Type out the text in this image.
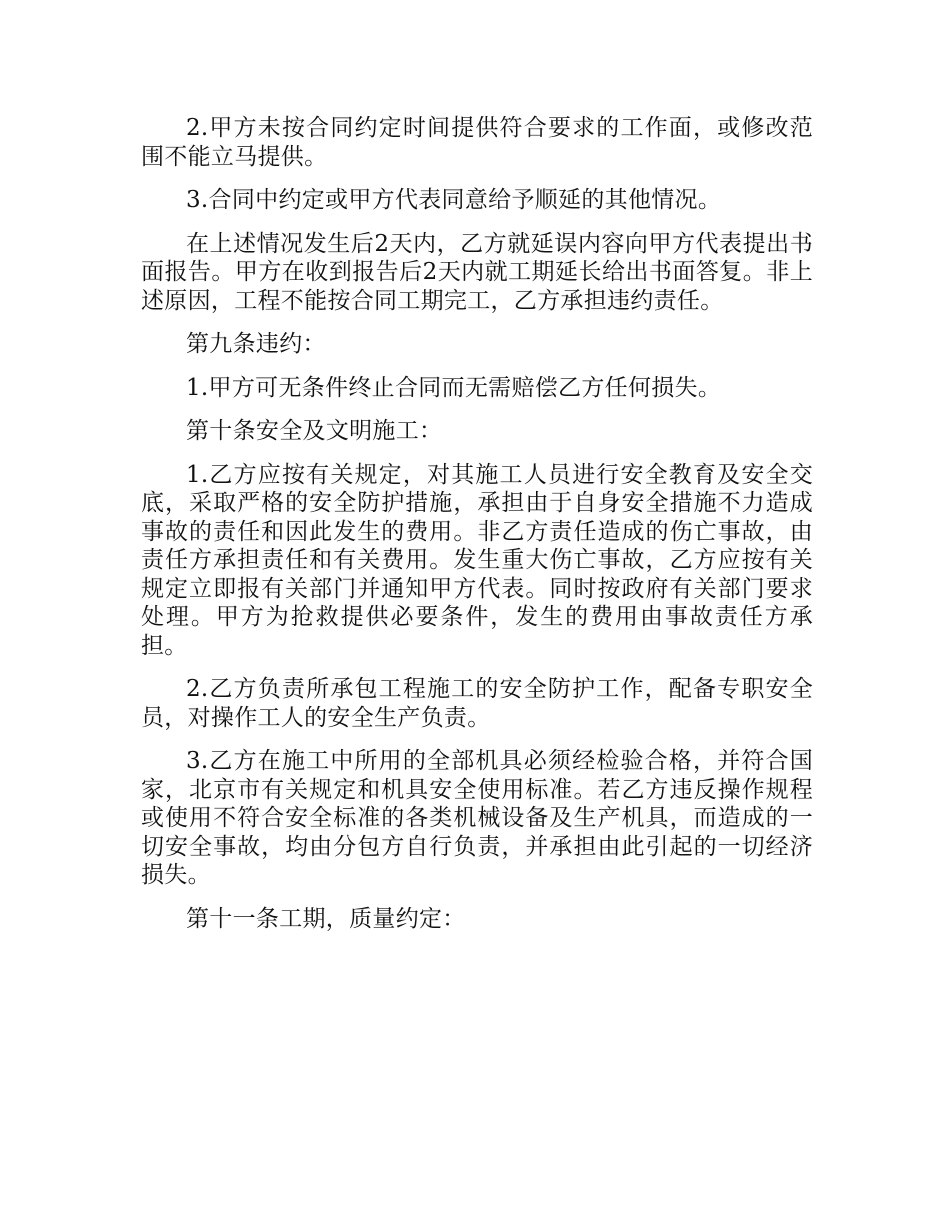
2.甲方未按合同约定时间提供符合要求的工作面，或修改范围不能立马提供。

3.合同中约定或甲方代表同意给予顺延的其他情况。

在上述情况发生后2天内，乙方就延误内容向甲方代表提出书面报告。甲方在收到报告后2天内就工期延长给出书面答复。非上述原因，工程不能按合同工期完工，乙方承担违约责任。

第九条违约：

1.甲方可无条件终止合同而无需赔偿乙方任何损失。

第十条安全及文明施工：

1.乙方应按有关规定，对其施工人员进行安全教育及安全交底，采取严格的安全防护措施，承担由于自身安全措施不力造成事故的责任和因此发生的费用。非乙方责任造成的伤亡事故，由责任方承担责任和有关费用。发生重大伤亡事故，乙方应按有关规定立即报有关部门并通知甲方代表。同时按政府有关部门要求处理。甲方为抢救提供必要条件，发生的费用由事故责任方承担。

2.乙方负责所承包工程施工的安全防护工作，配备专职安全员，对操作工人的安全生产负责。

3.乙方在施工中所用的全部机具必须经检验合格，并符合国家，北京市有关规定和机具安全使用标准。若乙方违反操作规程或使用不符合安全标准的各类机械设备及生产机具，而造成的一切安全事故，均由分包方自行负责，并承担由此引起的一切经济损失。

第十一条工期，质量约定：
